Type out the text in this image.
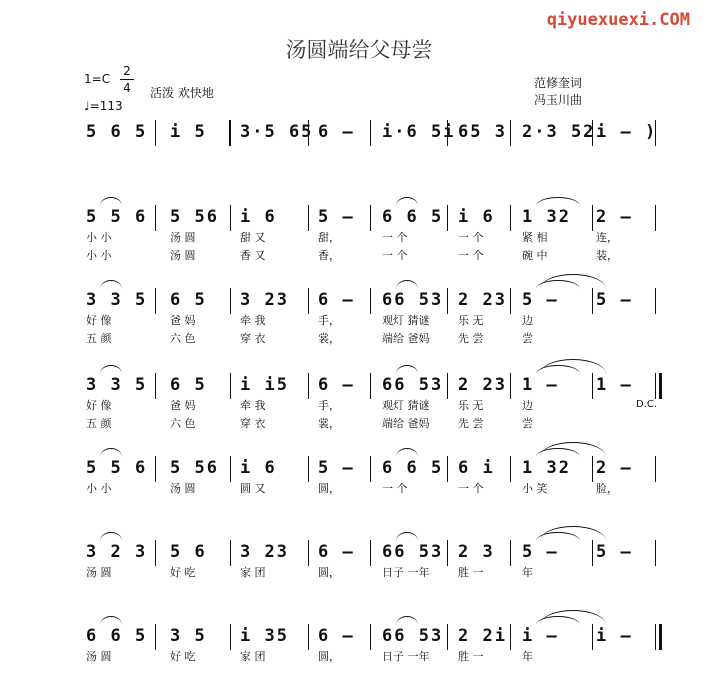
qiyuexuexi.COM
汤圆端给父母尝
1=C
2
4 活泼 欢快地
♩=113
范修奎词
冯玉川曲
5 6 5 i 5 3·5 65 6 – i·6 5i 65 3 2·3 52 i – )
5 5 6 5 56 i 6 5 – 6 6 5 i 6 1 32 2 –
小 小	汤 圆	甜 又	甜，	一 个	一 个	紧 相	连，
小 小	汤 圆	香 又	香，	一 个	一 个	碗 中	装，
3 3 5 6 5 3 23 6 – 66 53 2 23 5 – 5 –
好 像	爸 妈	牵 我	手，	观灯 猜谜	乐 无	边
五 颜	六 色	穿 衣	裳，	端给 爸妈	先 尝	尝
3 3 5 6 5 i i5 6 – 66 53 2 23 1 – 1 –
好 像	爸 妈	牵 我	手，	观灯 猜谜	乐 无	边
五 颜	六 色	穿 衣	裳，	端给 爸妈	先 尝	尝
D.C.
5 5 6 5 56 i 6 5 – 6 6 5 6 i 1 32 2 –
小 小	汤 圆	圆 又	圆，	一 个	一 个	小 笑	脸，
3 2 3 5 6 3 23 6 – 66 53 2 3 5 – 5 –
汤 圆	好 吃	家 团	圆，	日子 一年	胜 一	年
6 6 5 3 5 i 35 6 – 66 53 2 2i i – i –
汤 圆	好 吃	家 团	圆，	日子 一年	胜 一	年
